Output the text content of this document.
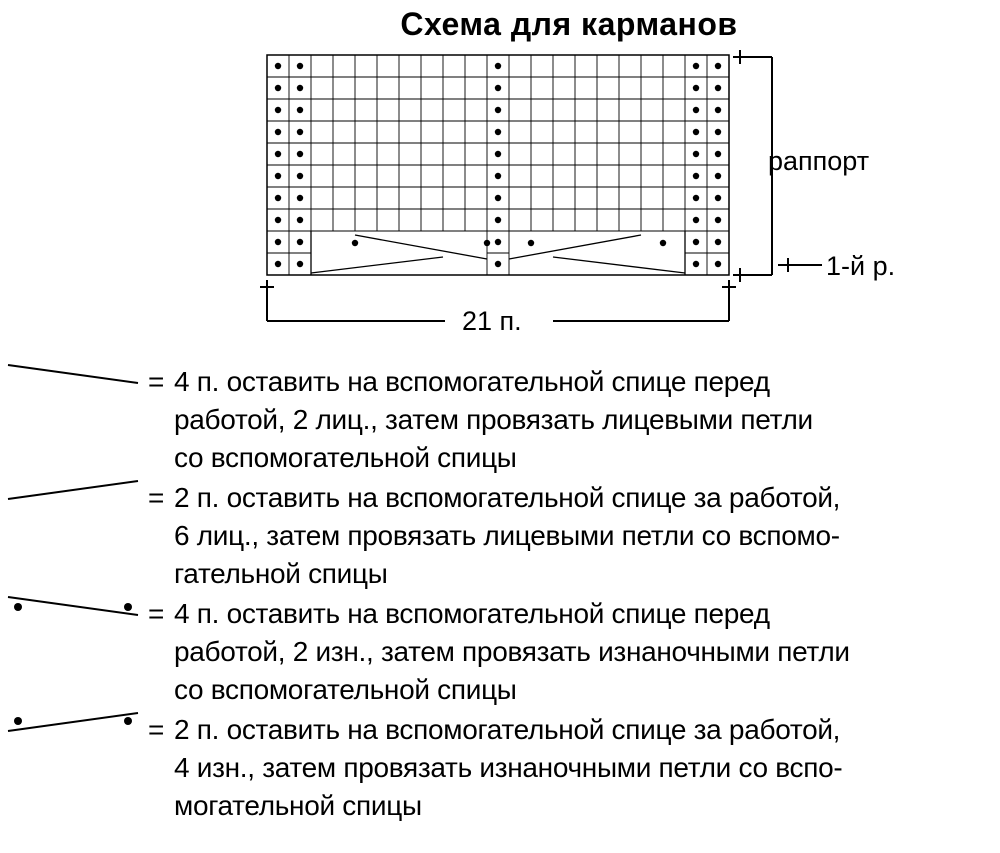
Схема для карманов
раппорт
1-й р.
21 п.
= 4 п. оставить на вспомогательной спице перед
работой, 2 лиц., затем провязать лицевыми петли
со вспомогательной спицы
= 2 п. оставить на вспомогательной спице за работой,
6 лиц., затем провязать лицевыми петли со вспомо-
гательной спицы
= 4 п. оставить на вспомогательной спице перед
работой, 2 изн., затем провязать изнаночными петли
со вспомогательной спицы
= 2 п. оставить на вспомогательной спице за работой,
4 изн., затем провязать изнаночными петли со вспо-
могательной спицы
